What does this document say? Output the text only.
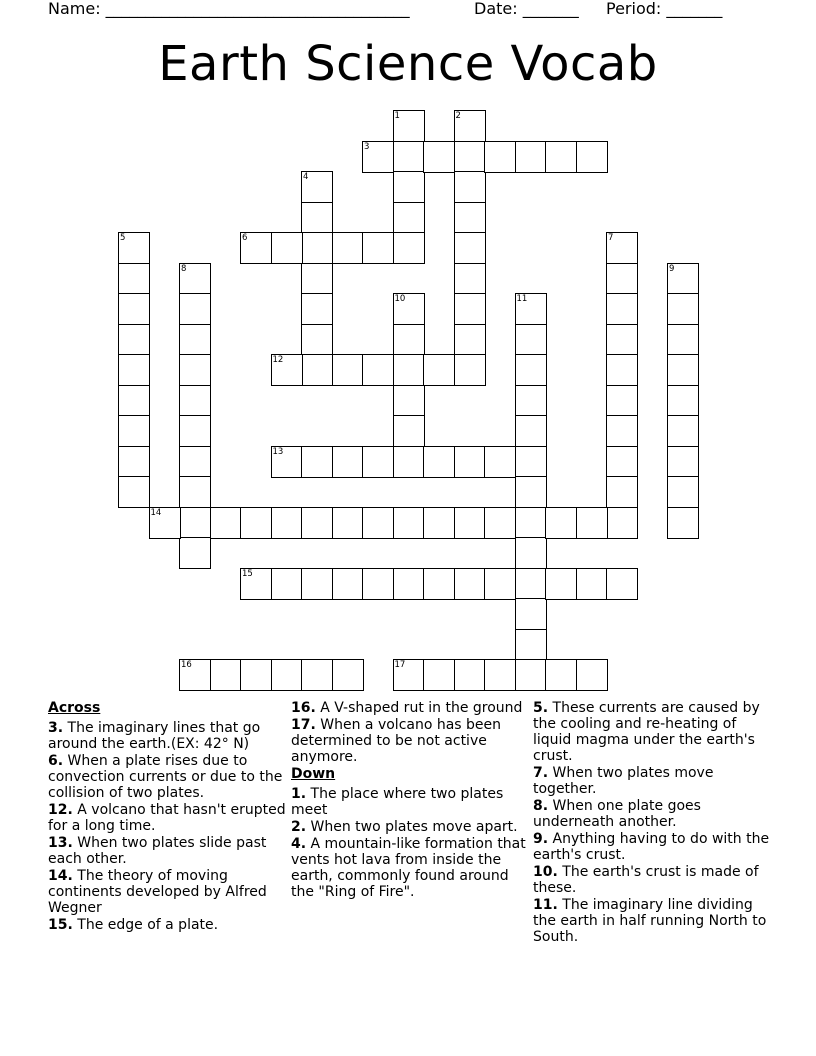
Name: ______________________________________	Date: _______ Period: _______
Earth Science Vocab
1	2
3
4
5	6	7
8	9
10	11
12
13
14
15
16	17
Across
3. The imaginary lines that go around the earth.(EX: 42° N)
6. When a plate rises due to convection currents or due to the collision of two plates.
12. A volcano that hasn't erupted for a long time.
13. When two plates slide past each other.
14. The theory of moving continents developed by Alfred Wegner
15. The edge of a plate.
16. A V-shaped rut in the ground
17. When a volcano has been determined to be not active anymore.
Down
1. The place where two plates meet
2. When two plates move apart.
4. A mountain-like formation that vents hot lava from inside the earth, commonly found around the "Ring of Fire".
5. These currents are caused by the cooling and re-heating of liquid magma under the earth's crust.
7. When two plates move together.
8. When one plate goes underneath another.
9. Anything having to do with the earth's crust.
10. The earth's crust is made of these.
11. The imaginary line dividing the earth in half running North to South.
